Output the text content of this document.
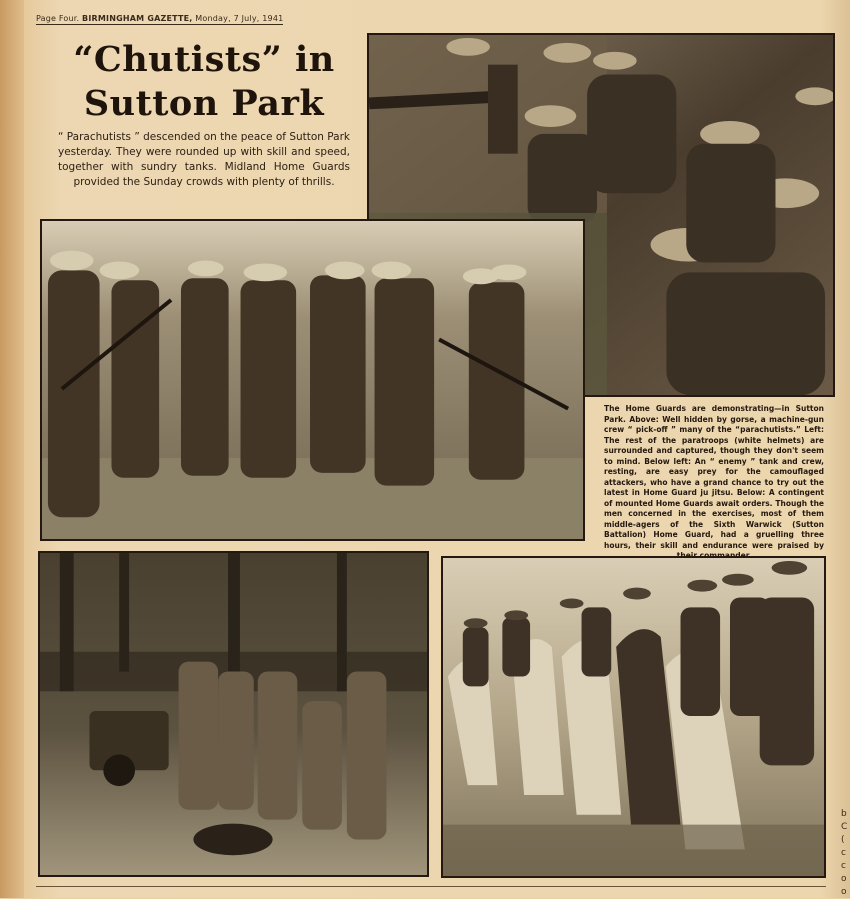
Page Four. BIRMINGHAM GAZETTE, Monday, 7 July, 1941
“Chutists” in
Sutton Park
“ Parachutists ” descended on the peace of Sutton Park yesterday. They were rounded up with skill and speed, together with sundry tanks. Midland Home Guards provided the Sunday crowds with plenty of thrills.
The Home Guards are demonstrating—in Sutton Park. Above: Well hidden by gorse, a machine-gun crew “ pick-off ” many of the “parachutists.” Left: The rest of the paratroops (white helmets) are surrounded and captured, though they don't seem to mind. Below left: An “ enemy ” tank and crew, resting, are easy prey for the camouflaged attackers, who have a grand chance to try out the latest in Home Guard ju jitsu. Below: A contingent of mounted Home Guards await orders. Though the men concerned in the exercises, most of them middle-agers of the Sixth Warwick (Sutton Battalion) Home Guard, had a gruelling three hours, their skill and endurance were praised by their commander.
b
C
(
c
c
o
o
